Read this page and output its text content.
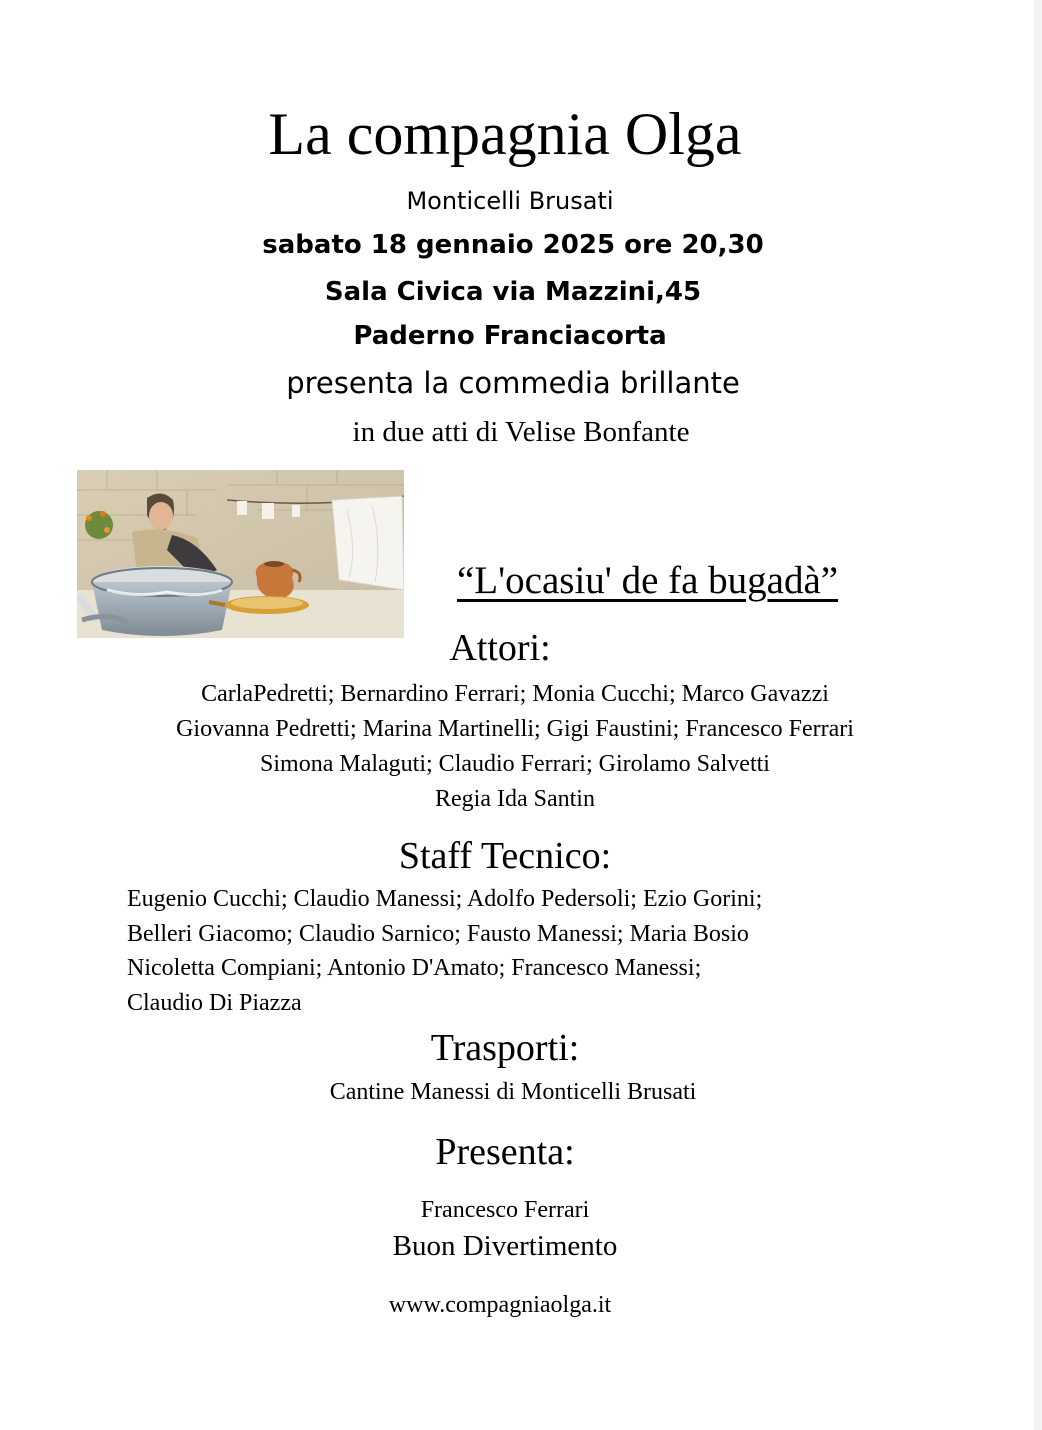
La compagnia Olga
Monticelli Brusati
sabato 18 gennaio 2025 ore 20,30
Sala Civica via Mazzini,45
Paderno Franciacorta
presenta la commedia brillante
in due atti di Velise Bonfante
“L'ocasiu' de fa bugadà”
Attori:
CarlaPedretti; Bernardino Ferrari; Monia Cucchi; Marco Gavazzi
Giovanna Pedretti; Marina Martinelli; Gigi Faustini; Francesco Ferrari
Simona Malaguti; Claudio Ferrari; Girolamo Salvetti
Regia Ida Santin
Staff Tecnico:
Eugenio Cucchi; Claudio Manessi; Adolfo Pedersoli; Ezio Gorini;
Belleri Giacomo; Claudio Sarnico; Fausto Manessi; Maria Bosio
Nicoletta Compiani; Antonio D'Amato; Francesco Manessi;
Claudio Di Piazza
Trasporti:
Cantine Manessi di Monticelli Brusati
Presenta:
Francesco Ferrari
Buon Divertimento
www.compagniaolga.it
